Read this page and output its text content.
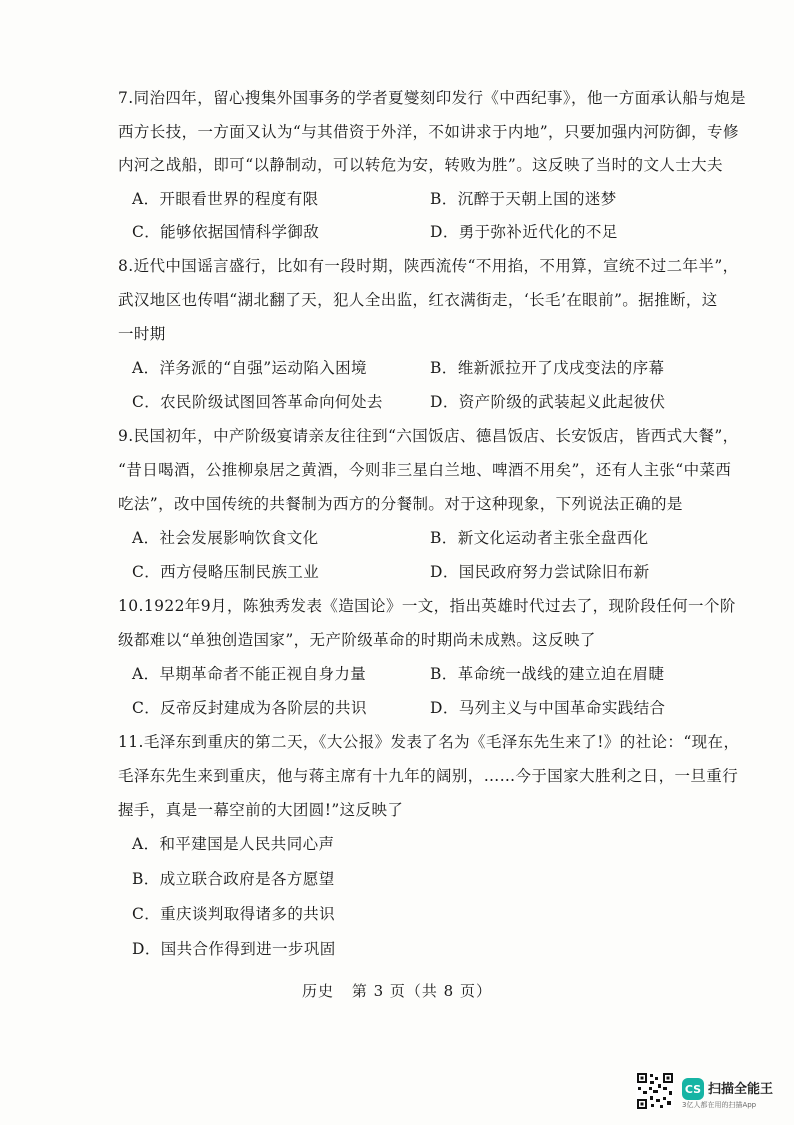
7.同治四年，留心搜集外国事务的学者夏燮刻印发行《中西纪事》，他一方面承认船与炮是
西方长技，一方面又认为“与其借资于外洋，不如讲求于内地”，只要加强内河防御，专修
内河之战船，即可“以静制动，可以转危为安，转败为胜”。这反映了当时的文人士大夫
A．开眼看世界的程度有限	B．沉醉于天朝上国的迷梦
C．能够依据国情科学御敌	D．勇于弥补近代化的不足
8.近代中国谣言盛行，比如有一段时期，陕西流传“不用掐，不用算，宣统不过二年半”，
武汉地区也传唱“湖北翻了天，犯人全出监，红衣满街走，‘长毛’在眼前”。据推断，这
一时期
A．洋务派的“自强”运动陷入困境	B．维新派拉开了戊戌变法的序幕
C．农民阶级试图回答革命向何处去	D．资产阶级的武装起义此起彼伏
9.民国初年，中产阶级宴请亲友往往到“六国饭店、德昌饭店、长安饭店，皆西式大餐”，
“昔日喝酒，公推柳泉居之黄酒，今则非三星白兰地、啤酒不用矣”，还有人主张“中菜西
吃法”，改中国传统的共餐制为西方的分餐制。对于这种现象，下列说法正确的是
A．社会发展影响饮食文化	B．新文化运动者主张全盘西化
C．西方侵略压制民族工业	D．国民政府努力尝试除旧布新
10.1922年9月，陈独秀发表《造国论》一文，指出英雄时代过去了，现阶段任何一个阶
级都难以“单独创造国家”，无产阶级革命的时期尚未成熟。这反映了
A．早期革命者不能正视自身力量	B．革命统一战线的建立迫在眉睫
C．反帝反封建成为各阶层的共识	D．马列主义与中国革命实践结合
11.毛泽东到重庆的第二天，《大公报》发表了名为《毛泽东先生来了!》的社论：“现在，
毛泽东先生来到重庆，他与蒋主席有十九年的阔别，……今于国家大胜利之日，一旦重行
握手，真是一幕空前的大团圆!”这反映了
A．和平建国是人民共同心声
B．成立联合政府是各方愿望
C．重庆谈判取得诸多的共识
D．国共合作得到进一步巩固
历史 第 3 页（共 8 页）
CS 扫描全能王
3亿人都在用的扫描App
